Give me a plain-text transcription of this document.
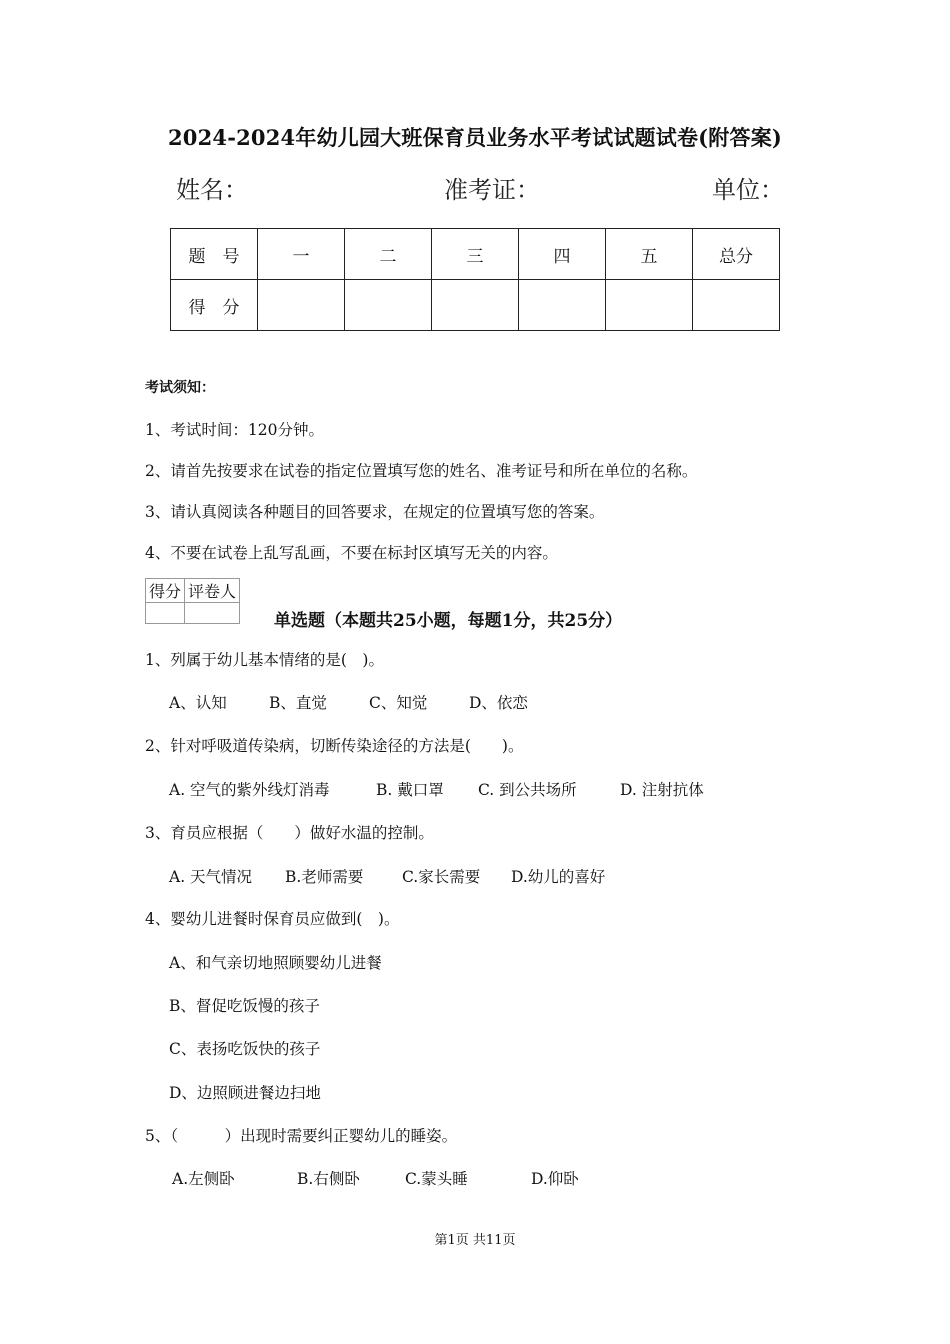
2024-2024年幼儿园大班保育员业务水平考试试题试卷(附答案)
姓名：	准考证：	单位：
题　号	一	二	三	四	五	总分
得　分						
考试须知：
1、考试时间：120分钟。
2、请首先按要求在试卷的指定位置填写您的姓名、准考证号和所在单位的名称。
3、请认真阅读各种题目的回答要求，在规定的位置填写您的答案。
4、不要在试卷上乱写乱画，不要在标封区填写无关的内容。
得分	评卷人

单选题（本题共25小题，每题1分，共25分）
1、列属于幼儿基本情绪的是(　)。
A、认知	B、直觉	C、知觉	D、依恋
2、针对呼吸道传染病，切断传染途径的方法是(　　)。
A. 空气的紫外线灯消毒	B. 戴口罩 C. 到公共场所	D. 注射抗体
3、育员应根据（　　）做好水温的控制。
A. 天气情况 B.老师需要 C.家长需要 D.幼儿的喜好
4、婴幼儿进餐时保育员应做到(　)。
A、和气亲切地照顾婴幼儿进餐
B、督促吃饭慢的孩子
C、表扬吃饭快的孩子
D、边照顾进餐边扫地
5、（　　　）出现时需要纠正婴幼儿的睡姿。
A.左侧卧	B.右侧卧	C.蒙头睡	D.仰卧
第1页 共11页
